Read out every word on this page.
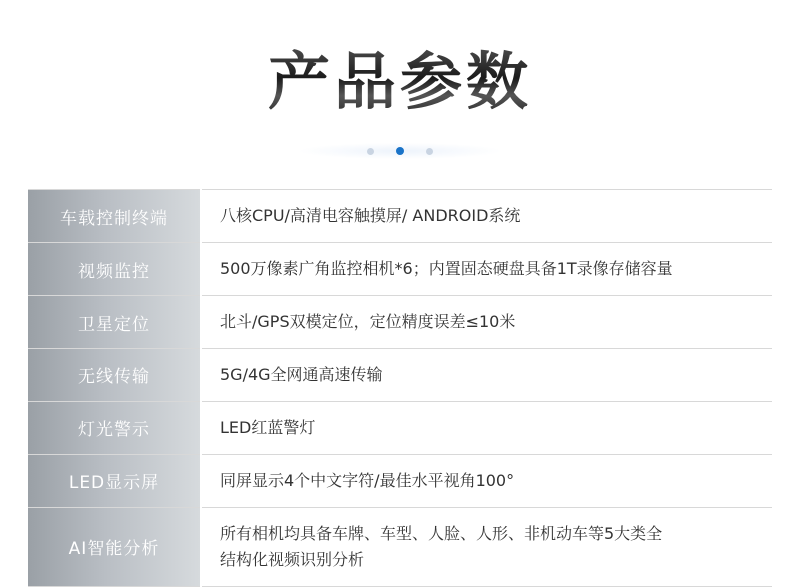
产品参数
车载控制终端	八核CPU/高清电容触摸屏/ ANDROID系统

视频监控	500万像素广角监控相机*6；内置固态硬盘具备1T录像存储容量

卫星定位	北斗/GPS双模定位，定位精度误差≤10米

无线传输	5G/4G全网通高速传输

灯光警示	LED红蓝警灯

LED显示屏	同屏显示4个中文字符/最佳水平视角100°

AI智能分析	所有相机均具备车牌、车型、人脸、人形、非机动车等5大类全
结构化视频识别分析
